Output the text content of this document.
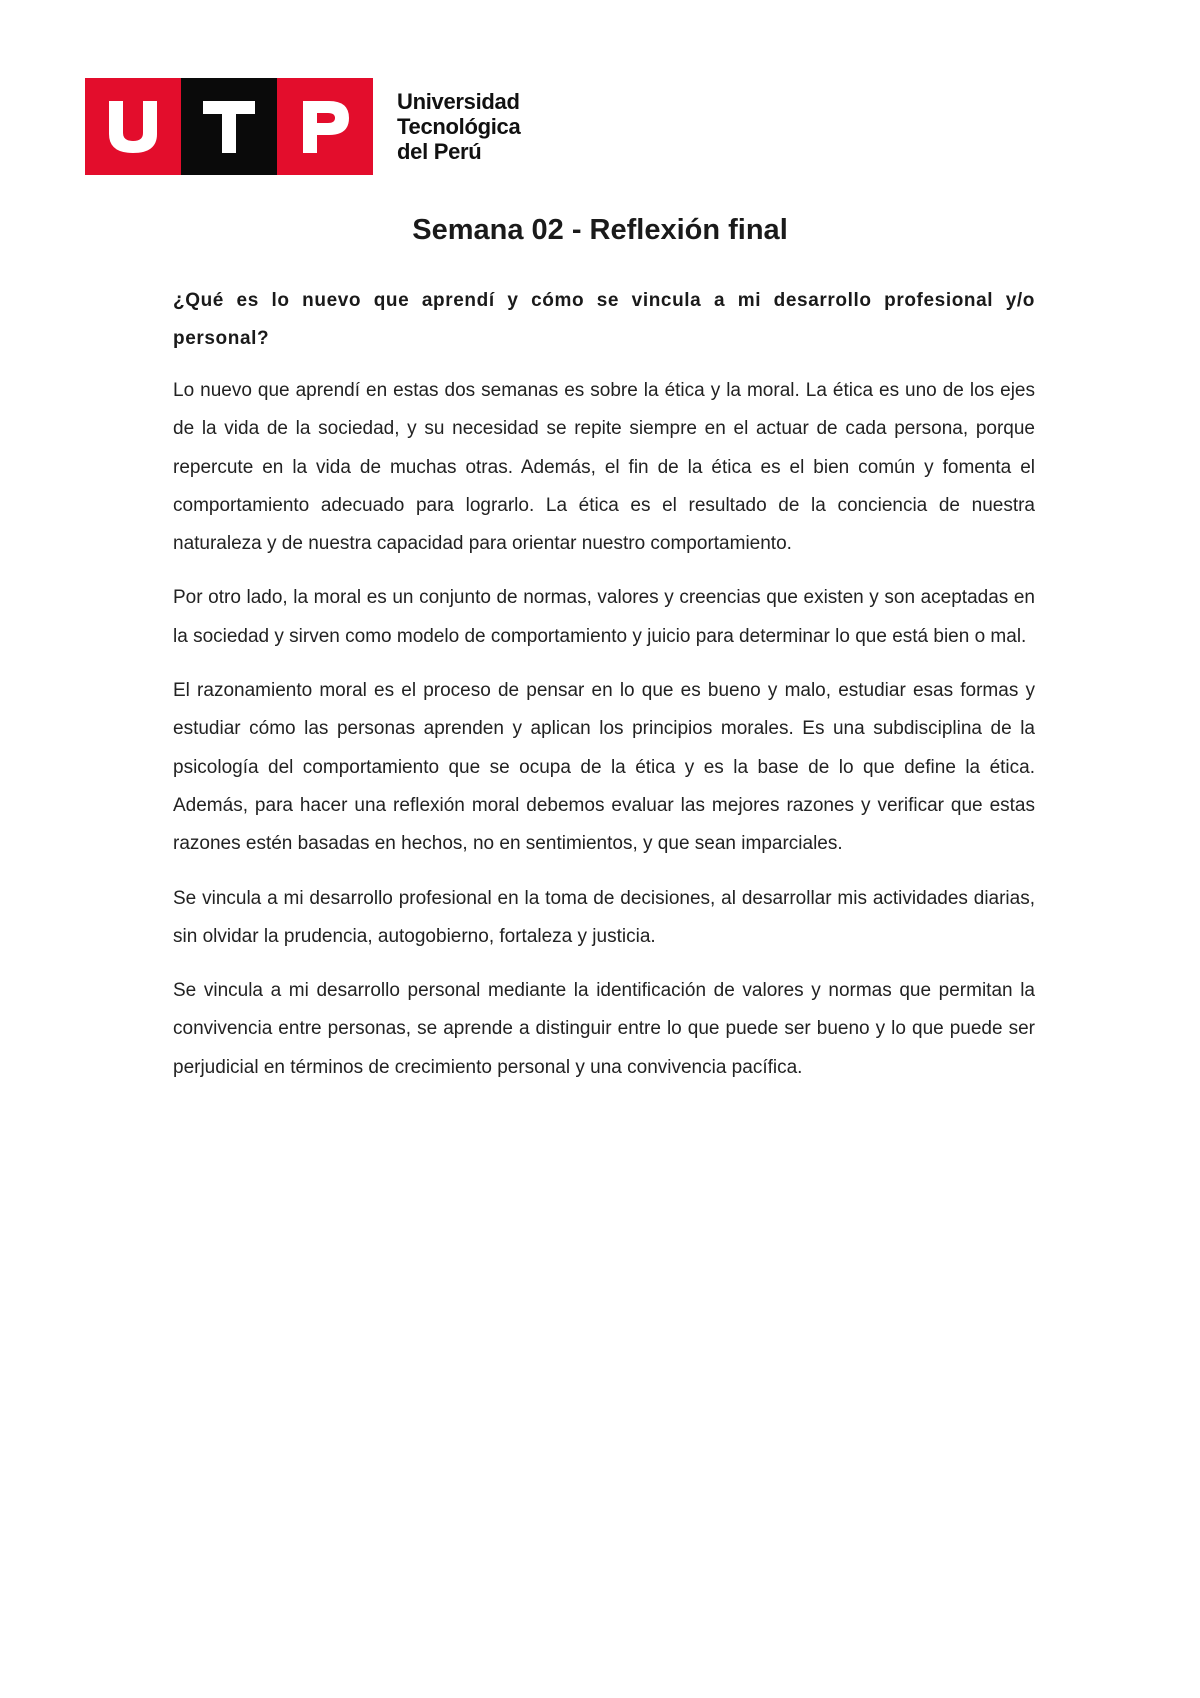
Universidad
Tecnológica
del Perú
Semana 02 - Reflexión final

¿Qué es lo nuevo que aprendí y cómo se vincula a mi desarrollo profesional y/o personal?

Lo nuevo que aprendí en estas dos semanas es sobre la ética y la moral. La ética es uno de los ejes de la vida de la sociedad, y su necesidad se repite siempre en el actuar de cada persona, porque repercute en la vida de muchas otras. Además, el fin de la ética es el bien común y fomenta el comportamiento adecuado para lograrlo. La ética es el resultado de la conciencia de nuestra naturaleza y de nuestra capacidad para orientar nuestro comportamiento.

Por otro lado, la moral es un conjunto de normas, valores y creencias que existen y son aceptadas en la sociedad y sirven como modelo de comportamiento y juicio para determinar lo que está bien o mal.

El razonamiento moral es el proceso de pensar en lo que es bueno y malo, estudiar esas formas y estudiar cómo las personas aprenden y aplican los principios morales. Es una subdisciplina de la psicología del comportamiento que se ocupa de la ética y es la base de lo que define la ética. Además, para hacer una reflexión moral debemos evaluar las mejores razones y verificar que estas razones estén basadas en hechos, no en sentimientos, y que sean imparciales.

Se vincula a mi desarrollo profesional en la toma de decisiones, al desarrollar mis actividades diarias, sin olvidar la prudencia, autogobierno, fortaleza y justicia.

Se vincula a mi desarrollo personal mediante la identificación de valores y normas que permitan la convivencia entre personas, se aprende a distinguir entre lo que puede ser bueno y lo que puede ser perjudicial en términos de crecimiento personal y una convivencia pacífica.
